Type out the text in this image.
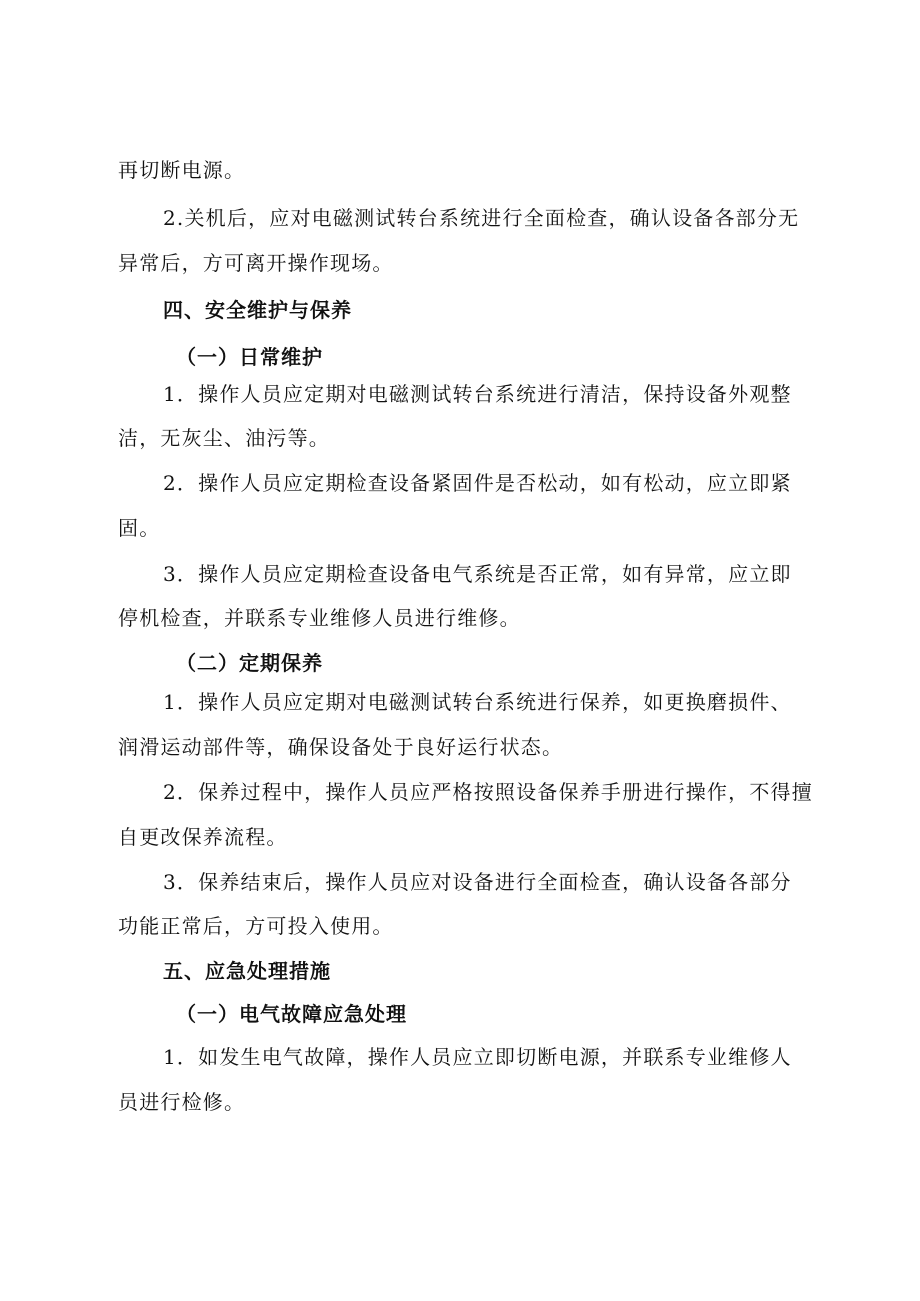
再切断电源。
2.关机后，应对电磁测试转台系统进行全面检查，确认设备各部分无
异常后，方可离开操作现场。
四、安全维护与保养
（一）日常维护
1．操作人员应定期对电磁测试转台系统进行清洁，保持设备外观整
洁，无灰尘、油污等。
2．操作人员应定期检查设备紧固件是否松动，如有松动，应立即紧
固。
3．操作人员应定期检查设备电气系统是否正常，如有异常，应立即
停机检查，并联系专业维修人员进行维修。
（二）定期保养
1．操作人员应定期对电磁测试转台系统进行保养，如更换磨损件、
润滑运动部件等，确保设备处于良好运行状态。
2．保养过程中，操作人员应严格按照设备保养手册进行操作，不得擅
自更改保养流程。
3．保养结束后，操作人员应对设备进行全面检查，确认设备各部分
功能正常后，方可投入使用。
五、应急处理措施
（一）电气故障应急处理
1．如发生电气故障，操作人员应立即切断电源，并联系专业维修人
员进行检修。
